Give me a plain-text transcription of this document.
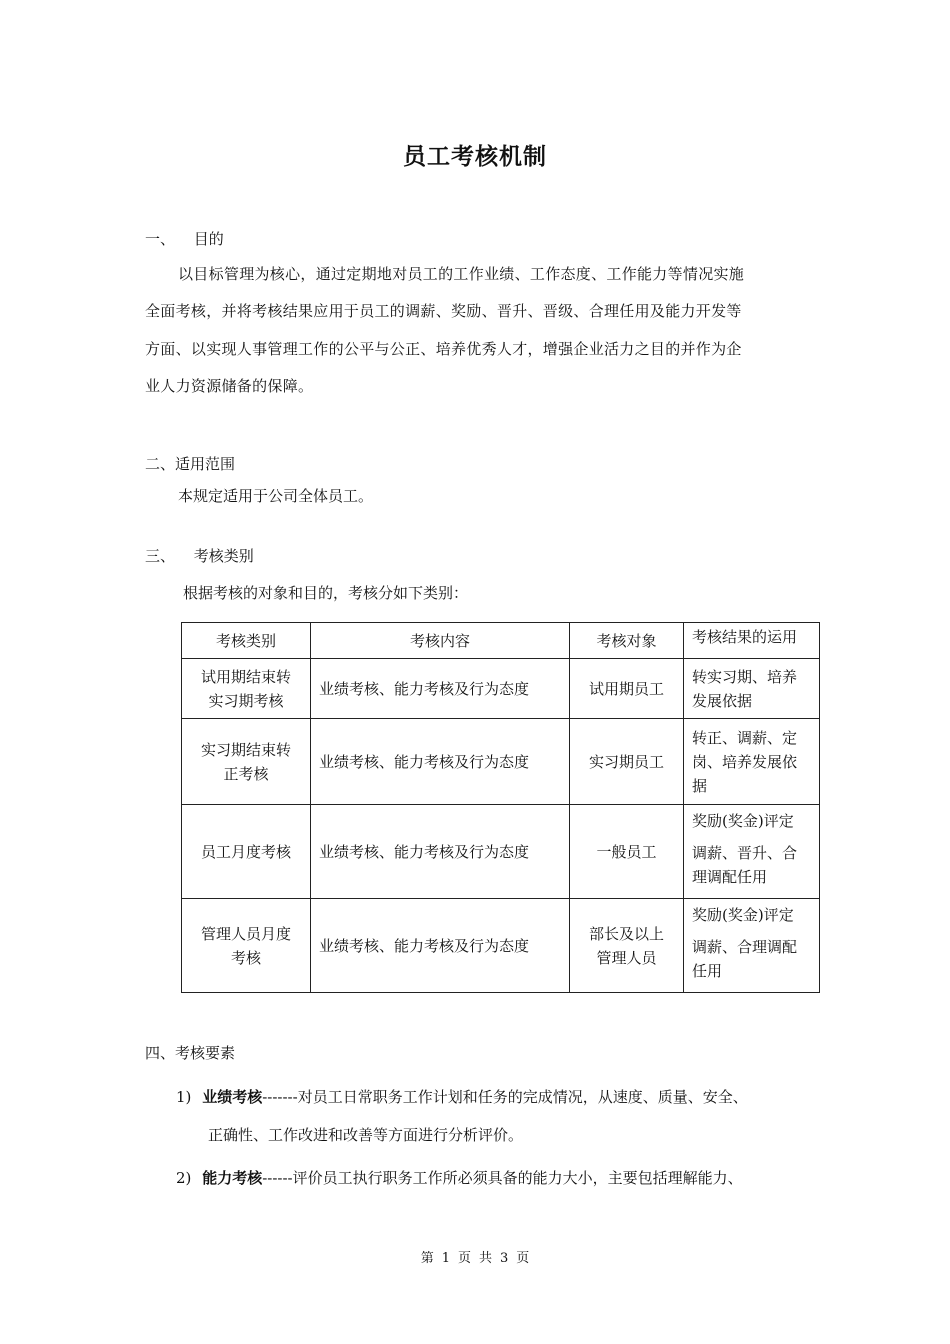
员工考核机制
一、 目的
以目标管理为核心，通过定期地对员工的工作业绩、工作态度、工作能力等情况实施
全面考核，并将考核结果应用于员工的调薪、奖励、晋升、晋级、合理任用及能力开发等
方面、以实现人事管理工作的公平与公正、培养优秀人才，增强企业活力之目的并作为企
业人力资源储备的保障。
二、适用范围
本规定适用于公司全体员工。
三、 考核类别
根据考核的对象和目的，考核分如下类别：
考核类别	考核内容	考核对象	考核结果的运用

试用期结束转
实习期考核	业绩考核、能力考核及行为态度	试用期员工	转实习期、培养
发展依据

实习期结束转
正考核	业绩考核、能力考核及行为态度	实习期员工	转正、调薪、定
岗、培养发展依
据

员工月度考核	业绩考核、能力考核及行为态度	一般员工	奖励(奖金)评定
调薪、晋升、合
理调配任用

管理人员月度
考核	业绩考核、能力考核及行为态度	部长及以上
管理人员	奖励(奖金)评定
调薪、合理调配
任用
四、考核要素
1) 业绩考核-------对员工日常职务工作计划和任务的完成情况，从速度、质量、安全、
正确性、工作改进和改善等方面进行分析评价。
2) 能力考核------评价员工执行职务工作所必须具备的能力大小，主要包括理解能力、
第 1 页 共 3 页
